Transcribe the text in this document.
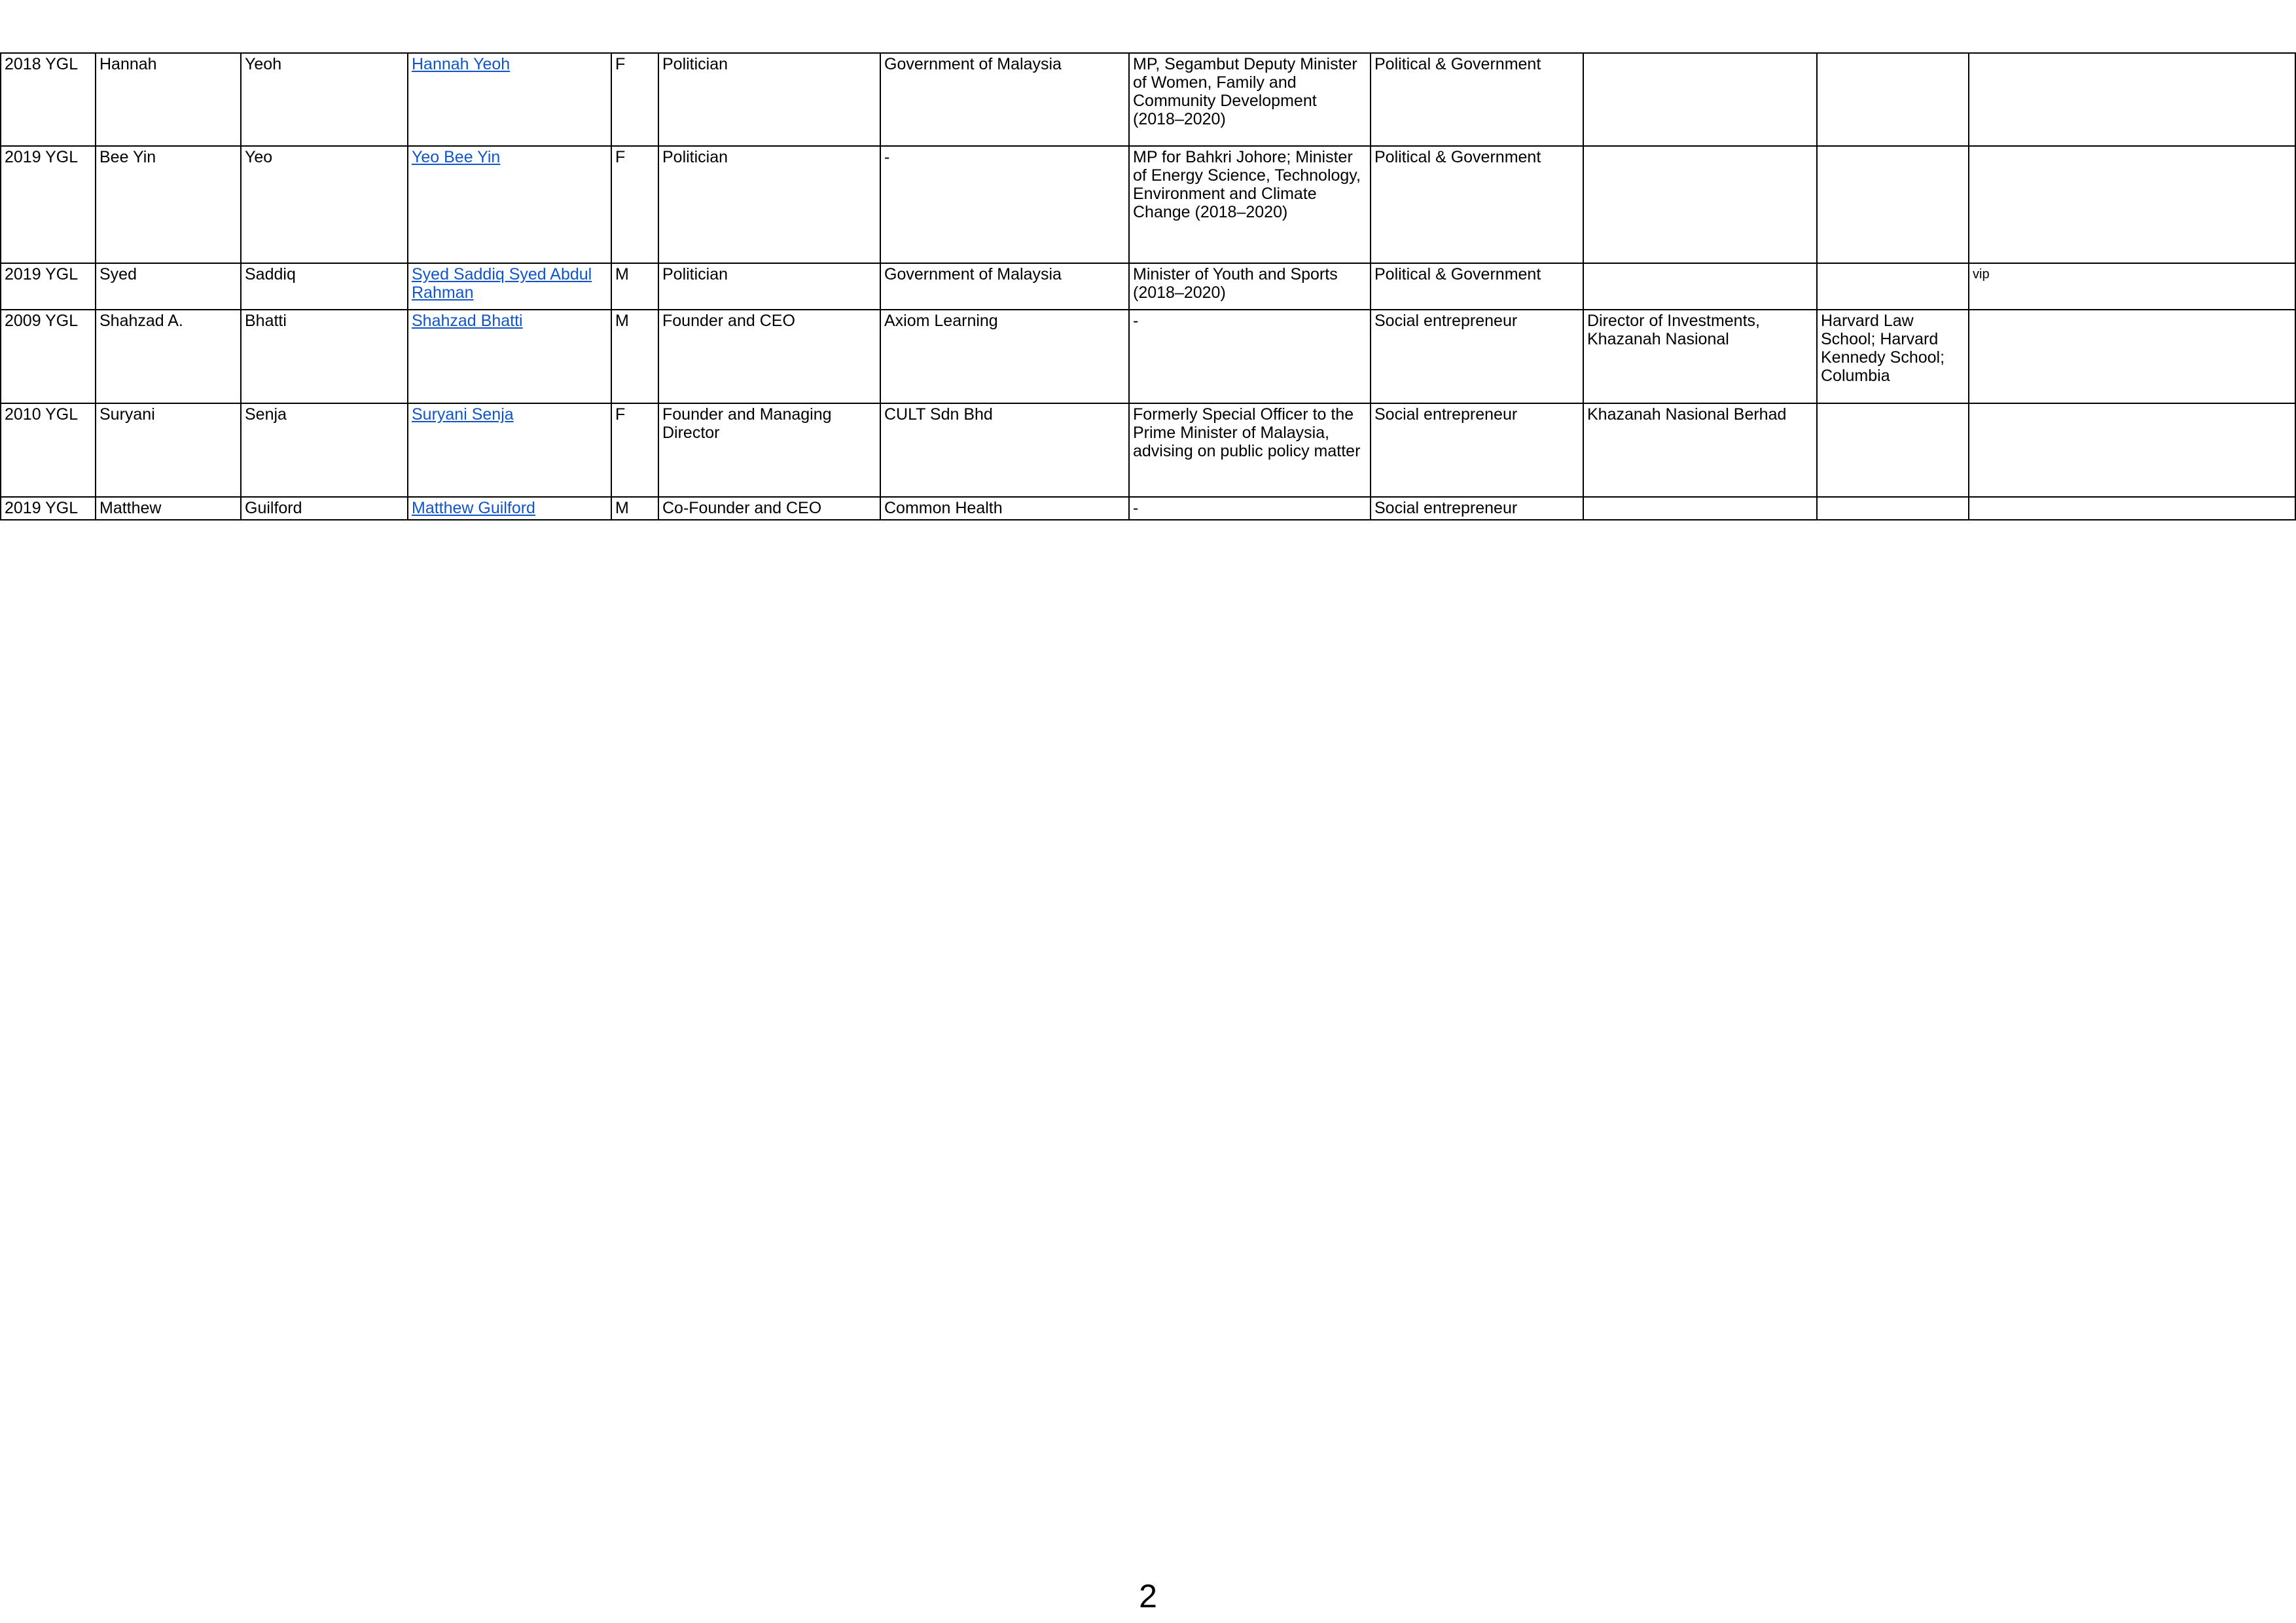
2018 YGL	Hannah	Yeoh	Hannah Yeoh	F	Politician	Government of Malaysia	MP, Segambut Deputy Minister of Women, Family and Community Development (2018–2020)	Political & Government			
2019 YGL	Bee Yin	Yeo	Yeo Bee Yin	F	Politician	-	MP for Bahkri Johore; Minister of Energy Science, Technology, Environment and Climate Change (2018–2020)	Political & Government			
2019 YGL	Syed	Saddiq	Syed Saddiq Syed Abdul Rahman	M	Politician	Government of Malaysia	Minister of Youth and Sports (2018–2020)	Political & Government			vip
2009 YGL	Shahzad A.	Bhatti	Shahzad Bhatti	M	Founder and CEO	Axiom Learning	-	Social entrepreneur	Director of Investments, Khazanah Nasional	Harvard Law School; Harvard Kennedy School; Columbia	
2010 YGL	Suryani	Senja	Suryani Senja	F	Founder and Managing Director	CULT Sdn Bhd	Formerly Special Officer to the Prime Minister of Malaysia, advising on public policy matter	Social entrepreneur	Khazanah Nasional Berhad		
2019 YGL	Matthew	Guilford	Matthew Guilford	M	Co-Founder and CEO	Common Health	-	Social entrepreneur			
2
